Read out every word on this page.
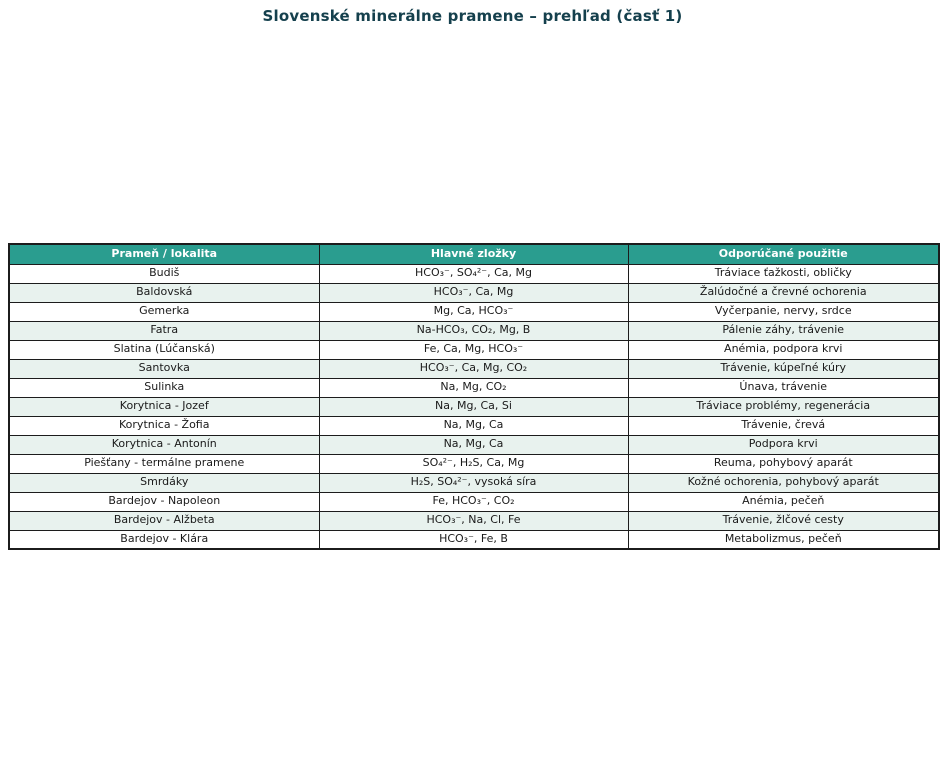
Slovenské minerálne pramene – prehľad (časť 1)
Prameň / lokalita	Hlavné zložky	Odporúčané použitie
Budiš	HCO₃⁻, SO₄²⁻, Ca, Mg	Tráviace ťažkosti, obličky
Baldovská	HCO₃⁻, Ca, Mg	Žalúdočné a črevné ochorenia
Gemerka	Mg, Ca, HCO₃⁻	Vyčerpanie, nervy, srdce
Fatra	Na-HCO₃, CO₂, Mg, B	Pálenie záhy, trávenie
Slatina (Lúčanská)	Fe, Ca, Mg, HCO₃⁻	Anémia, podpora krvi
Santovka	HCO₃⁻, Ca, Mg, CO₂	Trávenie, kúpeľné kúry
Sulinka	Na, Mg, CO₂	Únava, trávenie
Korytnica - Jozef	Na, Mg, Ca, Si	Tráviace problémy, regenerácia
Korytnica - Žofia	Na, Mg, Ca	Trávenie, črevá
Korytnica - Antonín	Na, Mg, Ca	Podpora krvi
Piešťany - termálne pramene	SO₄²⁻, H₂S, Ca, Mg	Reuma, pohybový aparát
Smrdáky	H₂S, SO₄²⁻, vysoká síra	Kožné ochorenia, pohybový aparát
Bardejov - Napoleon	Fe, HCO₃⁻, CO₂	Anémia, pečeň
Bardejov - Alžbeta	HCO₃⁻, Na, Cl, Fe	Trávenie, žlčové cesty
Bardejov - Klára	HCO₃⁻, Fe, B	Metabolizmus, pečeň
